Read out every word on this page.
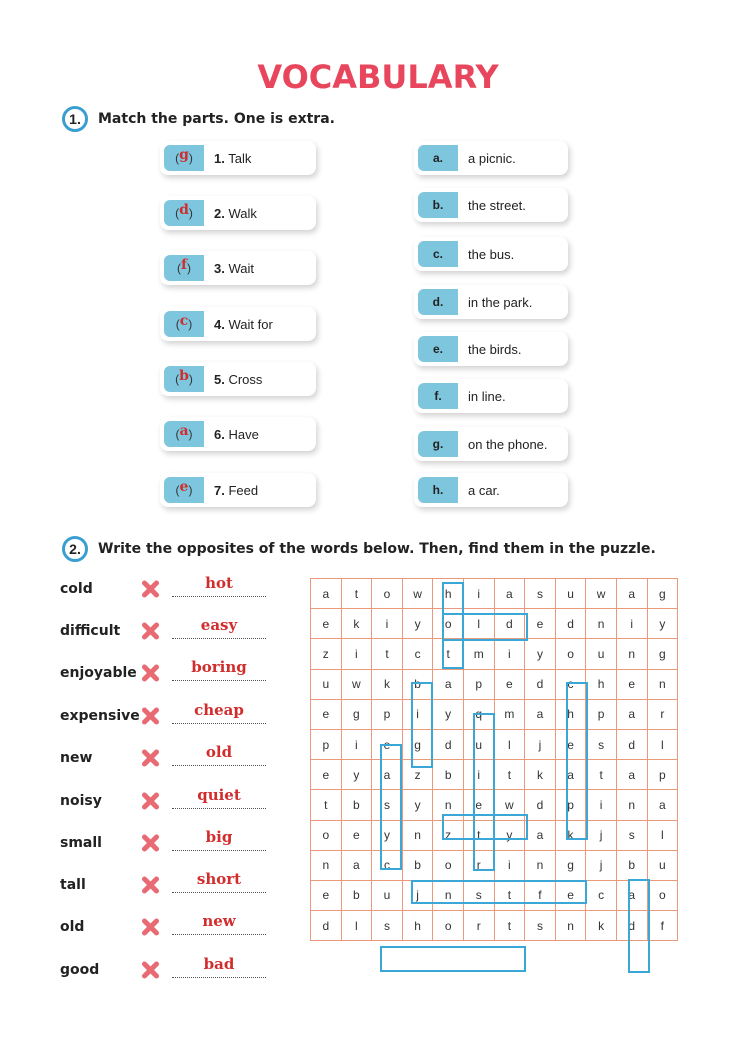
VOCABULARY
1.	Match the parts. One is extra.
( g ) 1. Talk
( d ) 2. Walk
( f ) 3. Wait
( c ) 4. Wait for
( b ) 5. Cross
( a ) 6. Have
( e ) 7. Feed
a.	a picnic.
b.	the street.
c.	the bus.
d.	in the park.
e.	the birds.
f.	in line.
g.	on the phone.
h.	a car.
2.	Write the opposites of the words below. Then, find them in the puzzle.
cold	hot
difficult	easy
enjoyable	boring
expensive	cheap
new	old
noisy	quiet
small	big
tall	short
old	new
good	bad
a	t	o	w	h	i	a	s	u	w	a	g
e	k	i	y	o	l	d	e	d	n	i	y
z	i	t	c	t	m	i	y	o	u	n	g
u	w	k	b	a	p	e	d	c	h	e	n
e	g	p	i	y	q	m	a	h	p	a	r
p	i	e	g	d	u	l	j	e	s	d	l
e	y	a	z	b	i	t	k	a	t	a	p
t	b	s	y	n	e	w	d	p	i	n	a
o	e	y	n	z	t	y	a	k	j	s	l
n	a	c	b	o	r	i	n	g	j	b	u
e	b	u	j	n	s	t	f	e	c	a	o
d	l	s	h	o	r	t	s	n	k	d	f
